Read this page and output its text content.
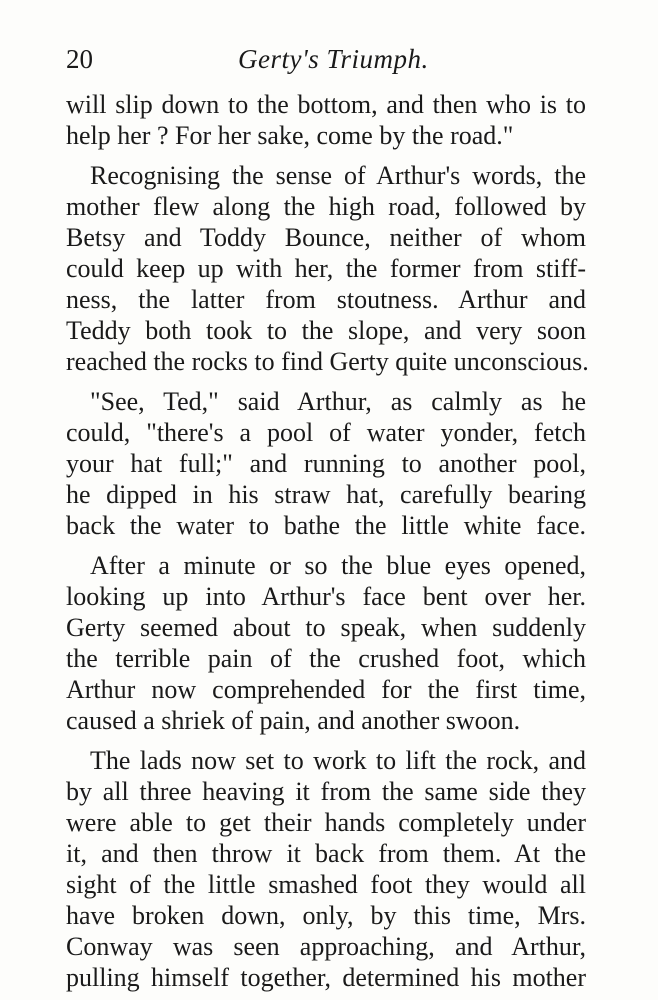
20	Gerty's Triumph.
will slip down to the bottom, and then who is to
help her ? For her sake, come by the road."
Recognising the sense of Arthur's words, the
mother flew along the high road, followed by
Betsy and Toddy Bounce, neither of whom
could keep up with her, the former from stiff-
ness, the latter from stoutness. Arthur and
Teddy both took to the slope, and very soon
reached the rocks to find Gerty quite unconscious.
"See, Ted," said Arthur, as calmly as he
could, "there's a pool of water yonder, fetch
your hat full;" and running to another pool,
he dipped in his straw hat, carefully bearing
back the water to bathe the little white face.
After a minute or so the blue eyes opened,
looking up into Arthur's face bent over her.
Gerty seemed about to speak, when suddenly
the terrible pain of the crushed foot, which
Arthur now comprehended for the first time,
caused a shriek of pain, and another swoon.
The lads now set to work to lift the rock, and
by all three heaving it from the same side they
were able to get their hands completely under
it, and then throw it back from them. At the
sight of the little smashed foot they would all
have broken down, only, by this time, Mrs.
Conway was seen approaching, and Arthur,
pulling himself together, determined his mother
